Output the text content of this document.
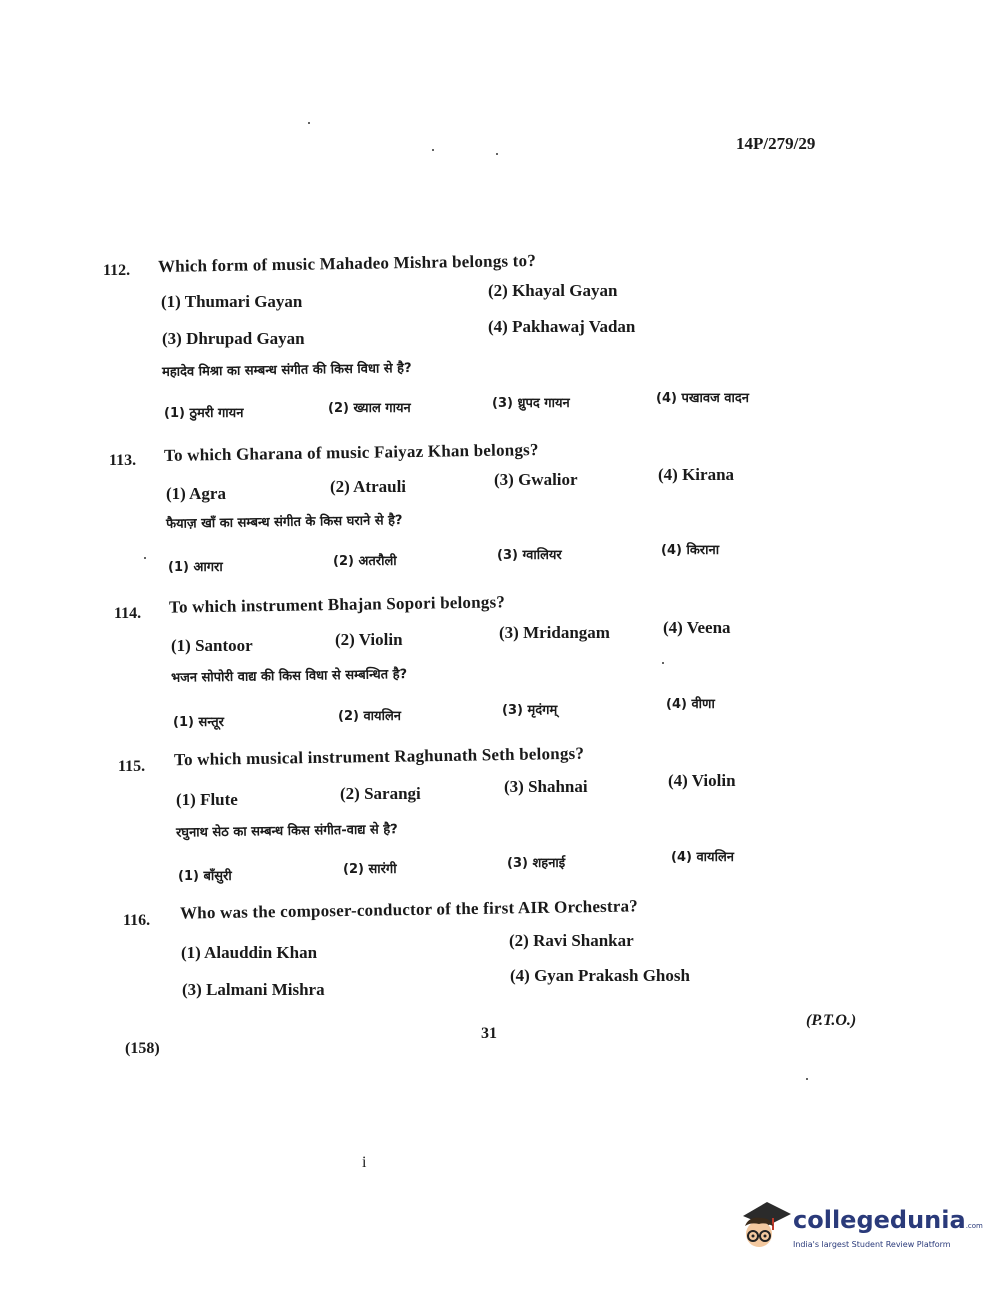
14P/279/29
112. Which form of music Mahadeo Mishra belongs to?
(1) Thumari Gayan
(2) Khayal Gayan
(3) Dhrupad Gayan
(4) Pakhawaj Vadan
महादेव मिश्रा का सम्बन्ध संगीत की किस विधा से है?
(1) ठुमरी गायन	(2) ख्याल गायन	(3) ध्रुपद गायन	(4) पखावज वादन
113. To which Gharana of music Faiyaz Khan belongs?
(1) Agra	(2) Atrauli	(3) Gwalior	(4) Kirana
फैयाज़ खाँ का सम्बन्ध संगीत के किस घराने से है?
(1) आगरा	(2) अतरौली	(3) ग्वालियर	(4) किराना
114. To which instrument Bhajan Sopori belongs?
(1) Santoor	(2) Violin	(3) Mridangam	(4) Veena
भजन सोपोरी वाद्य की किस विधा से सम्बन्धित है?
(1) सन्तूर	(2) वायलिन	(3) मृदंगम्	(4) वीणा
115. To which musical instrument Raghunath Seth belongs?
(1) Flute	(2) Sarangi	(3) Shahnai	(4) Violin
रघुनाथ सेठ का सम्बन्ध किस संगीत-वाद्य से है?
(1) बाँसुरी	(2) सारंगी	(3) शहनाई	(4) वायलिन
116. Who was the composer-conductor of the first AIR Orchestra?
(1) Alauddin Khan
(2) Ravi Shankar
(3) Lalmani Mishra
(4) Gyan Prakash Ghosh
31
(P.T.O.)
(158)
i
collegedunia.com
India's largest Student Review Platform
